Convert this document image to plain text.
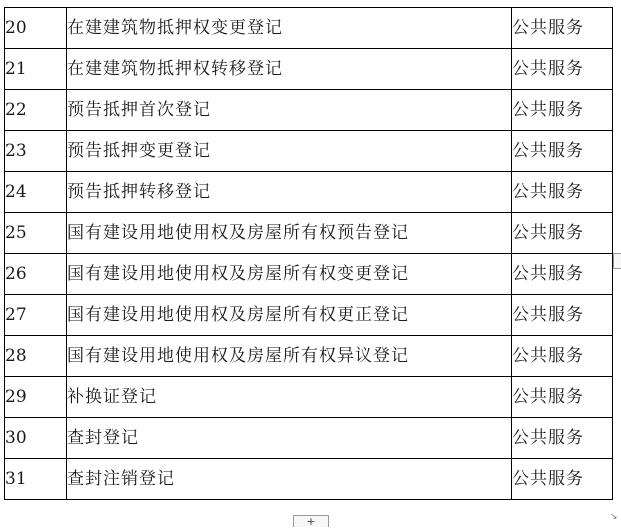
20	在建建筑物抵押权变更登记	公共服务
21	在建建筑物抵押权转移登记	公共服务
22	预告抵押首次登记	公共服务
23	预告抵押变更登记	公共服务
24	预告抵押转移登记	公共服务
25	国有建设用地使用权及房屋所有权预告登记	公共服务
26	国有建设用地使用权及房屋所有权变更登记	公共服务
27	国有建设用地使用权及房屋所有权更正登记	公共服务
28	国有建设用地使用权及房屋所有权异议登记	公共服务
29	补换证登记	公共服务
30	查封登记	公共服务
31	查封注销登记	公共服务
+	↘
